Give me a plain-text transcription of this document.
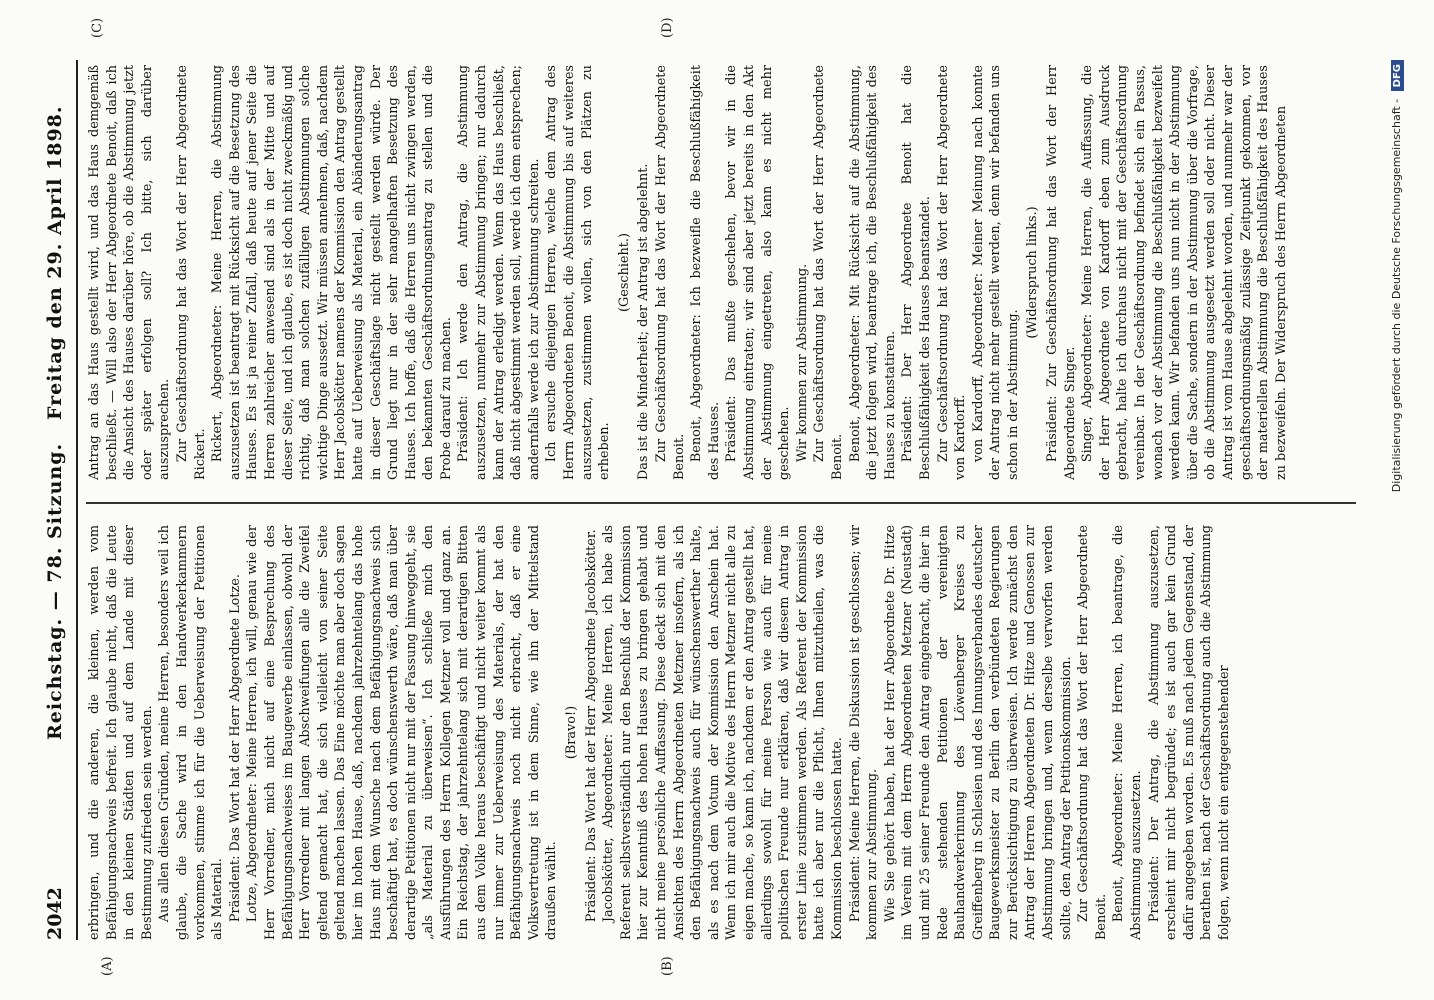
2042
Reichstag. — 78. Sitzung.
Freitag den 29. April 1898.
(A)	(B)
(C)	(D)

erbringen, und die anderen, die kleinen, werden vom Befähigungsnachweis befreit. Ich glaube nicht, daß die Leute in den kleinen Städten und auf dem Lande mit dieser Bestimmung zufrieden sein werden. Aus allen diesen Gründen, meine Herren, besonders weil ich glaube, die Sache wird in den Handwerkerkammern vorkommen, stimme ich für die Ueberweisung der Petitionen als Material. Präsident: Das Wort hat der Herr Abgeordnete Lotze. Lotze, Abgeordneter: Meine Herren, ich will, genau wie der Herr Vorredner, mich nicht auf eine Besprechung des Befähigungsnachweises im Baugewerbe einlassen, obwohl der Herr Vorredner mit langen Abschweifungen alle die Zweifel geltend gemacht hat, die sich vielleicht von seiner Seite geltend machen lassen. Das Eine möchte man aber doch sagen hier im hohen Hause, daß, nachdem jahrzehntelang das hohe Haus mit dem Wunsche nach dem Befähigungsnachweis sich beschäftigt hat, es doch wünschenswerth wäre, daß man über derartige Petitionen nicht nur mit der Fassung hinweggeht, sie „als Material zu überweisen“. Ich schließe mich den Ausführungen des Herrn Kollegen Metzner voll und ganz an. Ein Reichstag, der jahrzehntelang sich mit derartigen Bitten aus dem Volke heraus beschäftigt und nicht weiter kommt als nur immer zur Ueberweisung des Materials, der hat den Befähigungsnachweis noch nicht erbracht, daß er eine Volksvertretung ist in dem Sinne, wie ihn der Mittelstand draußen wählt.

(Bravo!) Präsident: Das Wort hat der Herr Abgeordnete Jacobskötter. Jacobskötter, Abgeordneter: Meine Herren, ich habe als Referent selbstverständlich nur den Beschluß der Kommission hier zur Kenntniß des hohen Hauses zu bringen gehabt und nicht meine persönliche Auffassung. Diese deckt sich mit den Ansichten des Herrn Abgeordneten Metzner insofern, als ich den Befähigungsnachweis auch für wünschenswerther halte, als es nach dem Votum der Kommission den Anschein hat. Wenn ich mir auch die Motive des Herrn Metzner nicht alle zu eigen mache, so kann ich, nachdem er den Antrag gestellt hat, allerdings sowohl für meine Person wie auch für meine politischen Freunde nur erklären, daß wir diesem Antrag in erster Linie zustimmen werden. Als Referent der Kommission hatte ich aber nur die Pflicht, Ihnen mitzutheilen, was die Kommission beschlossen hatte. Präsident: Meine Herren, die Diskussion ist geschlossen; wir kommen zur Abstimmung. Wie Sie gehört haben, hat der Herr Abgeordnete Dr. Hitze im Verein mit dem Herrn Abgeordneten Metzner (Neustadt) und mit 25 seiner Freunde den Antrag eingebracht, die hier in Rede stehenden Petitionen der vereinigten Bauhandwerkerinnung des Löwenberger Kreises zu Greiffenberg in Schlesien und des Innungsverbandes deutscher Baugewerksmeister zu Berlin den verbündeten Regierungen zur Berücksichtigung zu überweisen. Ich werde zunächst den Antrag der Herren Abgeordneten Dr. Hitze und Genossen zur Abstimmung bringen und, wenn derselbe verworfen werden sollte, den Antrag der Petitionskommission. Zur Geschäftsordnung hat das Wort der Herr Abgeordnete Benoit. Benoit, Abgeordneter: Meine Herren, ich beantrage, die Abstimmung auszusetzen. Präsident: Der Antrag, die Abstimmung auszusetzen, erscheint mir nicht begründet; es ist auch gar kein Grund dafür angegeben worden. Es muß nach jedem Gegenstand, der berathen ist, nach der Geschäftsordnung auch die Abstimmung folgen, wenn nicht ein entgegenstehender

Antrag an das Haus gestellt wird, und das Haus demgemäß beschließt. — Will also der Herr Abgeordnete Benoit, daß ich die Ansicht des Hauses darüber höre, ob die Abstimmung jetzt oder später erfolgen soll? Ich bitte, sich darüber auszusprechen. Zur Geschäftsordnung hat das Wort der Herr Abgeordnete Rickert. Rickert, Abgeordneter: Meine Herren, die Abstimmung auszusetzen ist beantragt mit Rücksicht auf die Besetzung des Hauses. Es ist ja reiner Zufall, daß heute auf jener Seite die Herren zahlreicher anwesend sind als in der Mitte und auf dieser Seite, und ich glaube, es ist doch nicht zweckmäßig und richtig, daß man solchen zufälligen Abstimmungen solche wichtige Dinge aussetzt. Wir müssen annehmen, daß, nachdem Herr Jacobskötter namens der Kommission den Antrag gestellt hatte auf Ueberweisung als Material, ein Abänderungsantrag in dieser Geschäftslage nicht gestellt werden würde. Der Grund liegt nur in der sehr mangelhaften Besetzung des Hauses. Ich hoffe, daß die Herren uns nicht zwingen werden, den bekannten Geschäftsordnungsantrag zu stellen und die Probe darauf zu machen. Präsident: Ich werde den Antrag, die Abstimmung auszusetzen, nunmehr zur Abstimmung bringen; nur dadurch kann der Antrag erledigt werden. Wenn das Haus beschließt, daß nicht abgestimmt werden soll, werde ich dem entsprechen; andernfalls werde ich zur Abstimmung schreiten. Ich ersuche diejenigen Herren, welche dem Antrag des Herrn Abgeordneten Benoit, die Abstimmung bis auf weiteres auszusetzen, zustimmen wollen, sich von den Plätzen zu erheben.

(Geschieht.) Das ist die Minderheit; der Antrag ist abgelehnt. Zur Geschäftsordnung hat das Wort der Herr Abgeordnete Benoit. Benoit, Abgeordneter: Ich bezweifle die Beschlußfähigkeit des Hauses. Präsident: Das mußte geschehen, bevor wir in die Abstimmung eintraten; wir sind aber jetzt bereits in den Akt der Abstimmung eingetreten, also kann es nicht mehr geschehen. Wir kommen zur Abstimmung. Zur Geschäftsordnung hat das Wort der Herr Abgeordnete Benoit. Benoit, Abgeordneter: Mit Rücksicht auf die Abstimmung, die jetzt folgen wird, beantrage ich, die Beschlußfähigkeit des Hauses zu konstatiren. Präsident: Der Herr Abgeordnete Benoit hat die Beschlußfähigkeit des Hauses beanstandet. Zur Geschäftsordnung hat das Wort der Herr Abgeordnete von Kardorff. von Kardorff, Abgeordneter: Meiner Meinung nach konnte der Antrag nicht mehr gestellt werden, denn wir befanden uns schon in der Abstimmung.

(Widerspruch links.) Präsident: Zur Geschäftsordnung hat das Wort der Herr Abgeordnete Singer. Singer, Abgeordneter: Meine Herren, die Auffassung, die der Herr Abgeordnete von Kardorff eben zum Ausdruck gebracht, halte ich durchaus nicht mit der Geschäftsordnung vereinbar. In der Geschäftsordnung befindet sich ein Passus, wonach vor der Abstimmung die Beschlußfähigkeit bezweifelt werden kann. Wir befanden uns nun nicht in der Abstimmung über die Sache, sondern in der Abstimmung über die Vorfrage, ob die Abstimmung ausgesetzt werden soll oder nicht. Dieser Antrag ist vom Hause abgelehnt worden, und nunmehr war der geschäftsordnungsmäßig zulässige Zeitpunkt gekommen, vor der materiellen Abstimmung die Beschlußfähigkeit des Hauses zu bezweifeln. Der Widerspruch des Herrn Abgeordneten	Digitalisierung gefördert durch die Deutsche Forschungsgemeinschaft - DFG
